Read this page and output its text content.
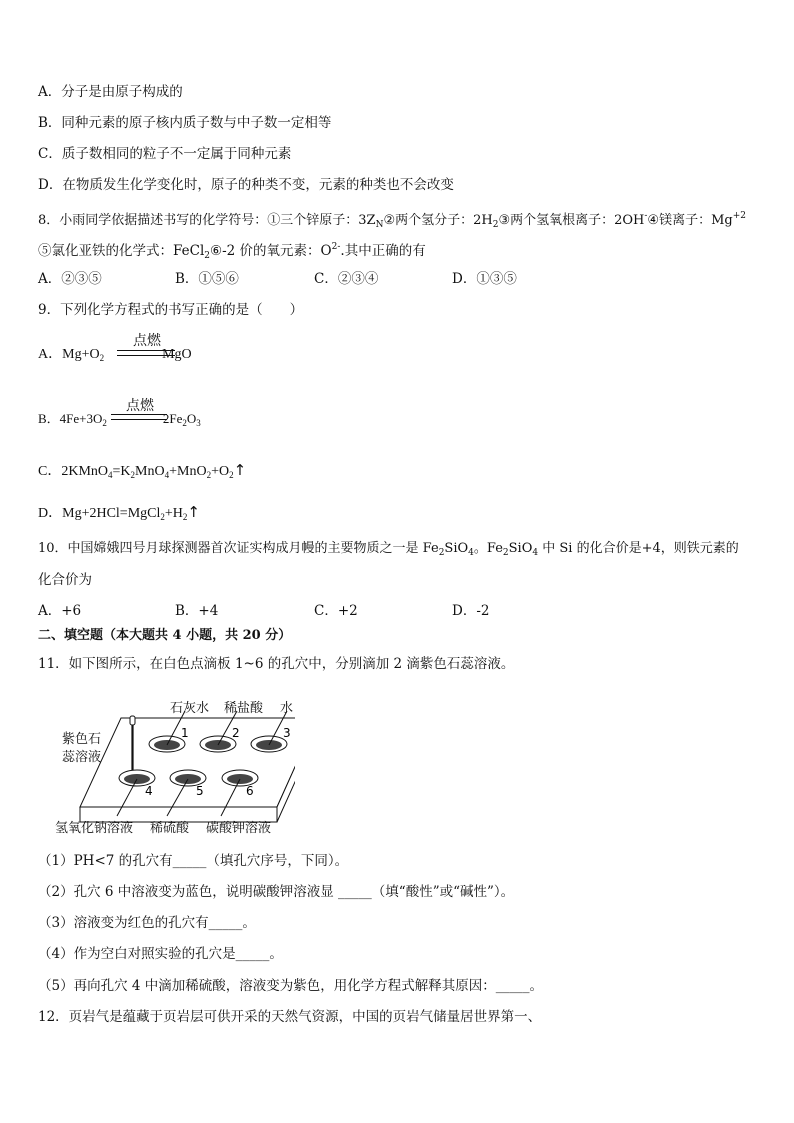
A．分子是由原子构成的
B．同种元素的原子核内质子数与中子数一定相等
C．质子数相同的粒子不一定属于同种元素
D．在物质发生化学变化时，原子的种类不变，元素的种类也不会改变
8．小雨同学依据描述书写的化学符号：①三个锌原子：$3Z_N②$两个氢分子：$2H_2③$两个氢氧根离子：2OH-④镁离子：$Mg^{+2}$
⑤氯化亚铁的化学式：FeCl$_2$⑥-2 价的氧元素：$O^{2-}$.其中正确的有
A．②③⑤	B．①⑤⑥	C．②③④	D．①③⑤
9．下列化学方程式的书写正确的是（　　）
A．$Mg+O_2$	MgO
点燃
B．$4Fe+3O_2$	$2Fe_2O_3$
点燃
C．$2KMnO_4=K_2MnO_4+MnO_2+O_2↑$
D．$Mg+2HCl=MgCl_2+H_2↑$
10．中国嫦娥四号月球探测器首次证实构成月幔的主要物质之一是 $Fe_2SiO_4$。$Fe_2SiO_4$ 中 Si 的化合价是+4，则铁元素的
化合价为
A．+6	B．+4	C．+2	D．-2
二、填空题（本大题共 4 小题，共 20 分）
11．如下图所示，在白色点滴板 1~6 的孔穴中，分别滴加 2 滴紫色石蕊溶液。
1	2	3
4	5	6
石灰水 稀盐酸 水
紫色石
蕊溶液
氢氧化钠溶液 稀硫酸 碳酸钾溶液
（1）PH<7 的孔穴有_____（填孔穴序号，下同）。
（2）孔穴 6 中溶液变为蓝色，说明碳酸钾溶液显 _____（填“酸性”或“碱性”）。
（3）溶液变为红色的孔穴有_____。
（4）作为空白对照实验的孔穴是_____。
（5）再向孔穴 4 中滴加稀硫酸，溶液变为紫色，用化学方程式解释其原因：_____。
12．页岩气是蕴藏于页岩层可供开采的天然气资源，中国的页岩气储量居世界第一、
